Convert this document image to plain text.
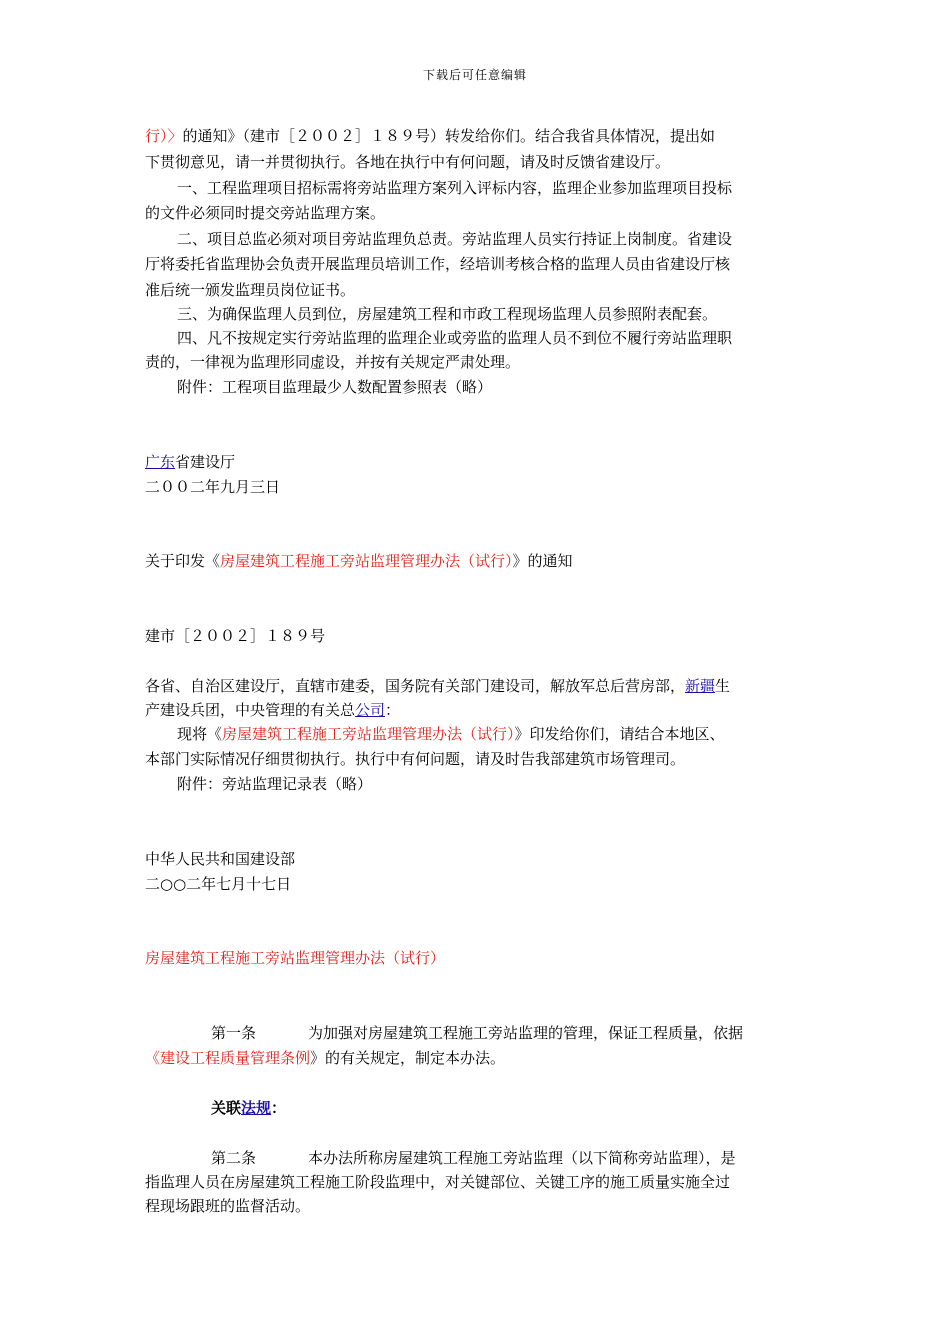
下载后可任意编辑
行）〉的通知》（建市［２００２］１８９号）转发给你们。结合我省具体情况，提出如
下贯彻意见，请一并贯彻执行。各地在执行中有何问题，请及时反馈省建设厅。
一、工程监理项目招标需将旁站监理方案列入评标内容，监理企业参加监理项目投标
的文件必须同时提交旁站监理方案。
二、项目总监必须对项目旁站监理负总责。旁站监理人员实行持证上岗制度。省建设
厅将委托省监理协会负责开展监理员培训工作，经培训考核合格的监理人员由省建设厅核
准后统一颁发监理员岗位证书。
三、为确保监理人员到位，房屋建筑工程和市政工程现场监理人员参照附表配套。
四、凡不按规定实行旁站监理的监理企业或旁监的监理人员不到位不履行旁站监理职
责的，一律视为监理形同虚设，并按有关规定严肃处理。
附件：工程项目监理最少人数配置参照表（略）
广东省建设厅
二００二年九月三日
关于印发《房屋建筑工程施工旁站监理管理办法（试行）》的通知
建市［２００２］１８９号
各省、自治区建设厅，直辖市建委，国务院有关部门建设司，解放军总后营房部，新疆生
产建设兵团，中央管理的有关总公司：
现将《房屋建筑工程施工旁站监理管理办法（试行）》印发给你们，请结合本地区、
本部门实际情况仔细贯彻执行。执行中有何问题，请及时告我部建筑市场管理司。
附件：旁站监理记录表（略）
中华人民共和国建设部
二○○二年七月十七日
房屋建筑工程施工旁站监理管理办法（试行）
第一条	为加强对房屋建筑工程施工旁站监理的管理，保证工程质量，依据
《建设工程质量管理条例》的有关规定，制定本办法。
关联法规：
第二条	本办法所称房屋建筑工程施工旁站监理（以下简称旁站监理），是
指监理人员在房屋建筑工程施工阶段监理中，对关键部位、关键工序的施工质量实施全过
程现场跟班的监督活动。
